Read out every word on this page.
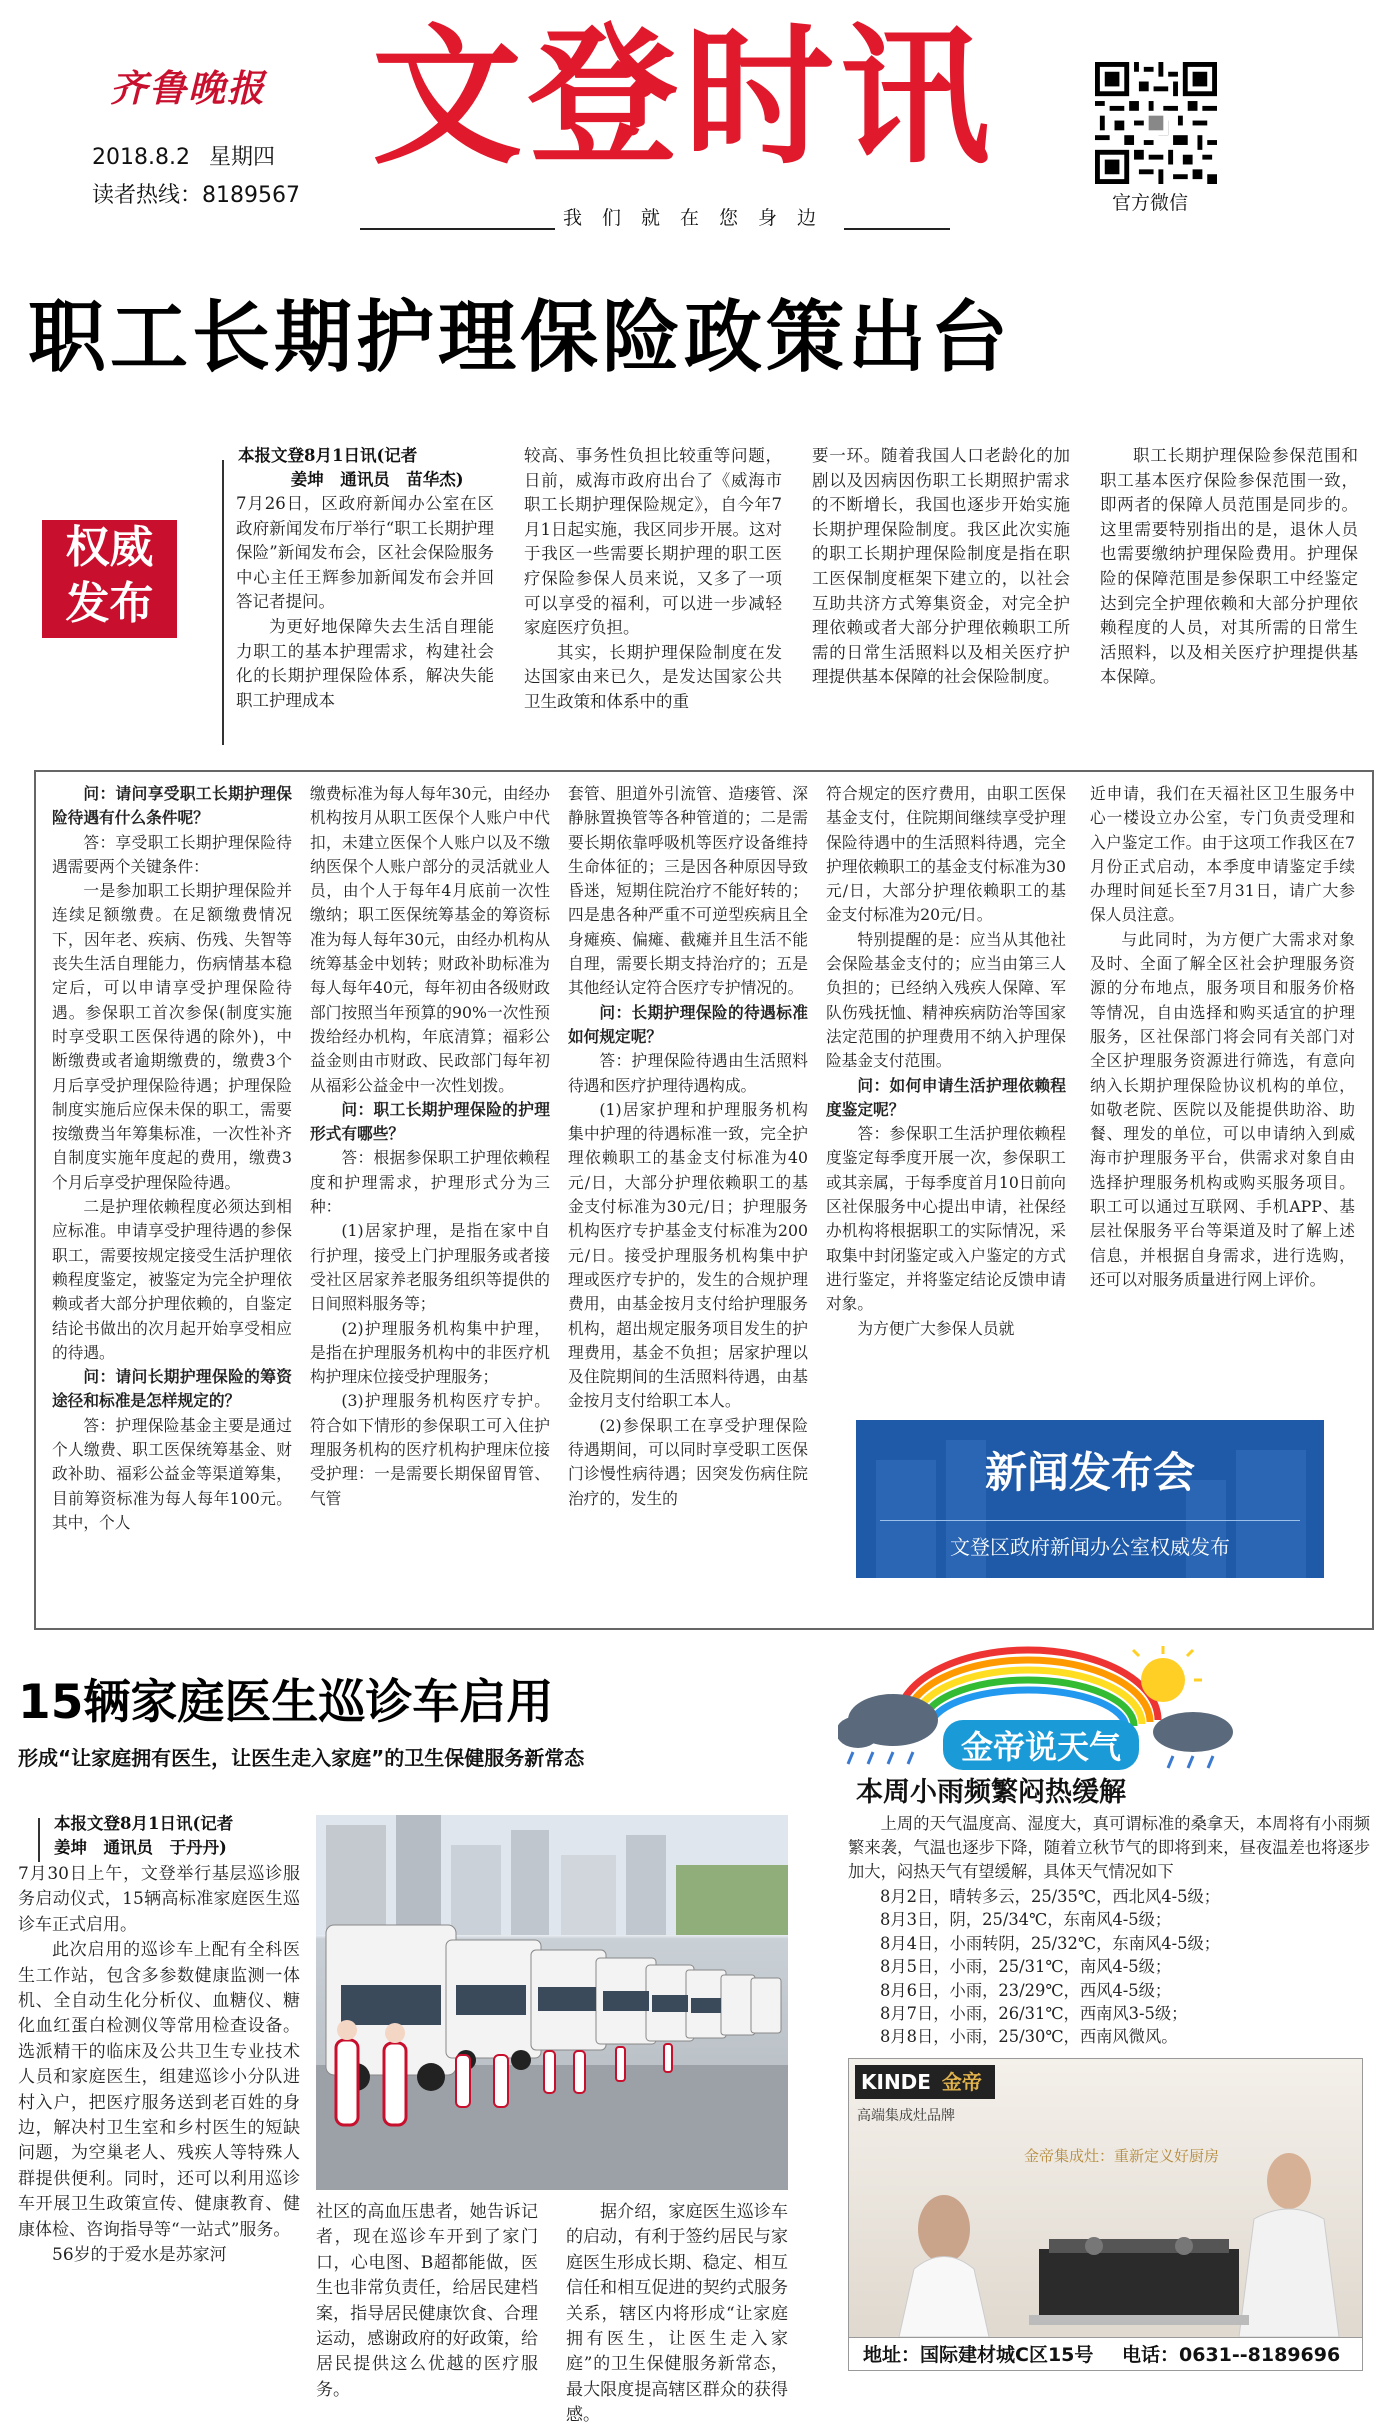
齐鲁晚报
2018.8.2 星期四
读者热线：8189567
文登时讯
我们就在您身边
官方微信
职工长期护理保险政策出台
权威
发布
本报文登8月1日讯(记者
姜坤　通讯员　苗华杰)

7月26日，区政府新闻办公室在区政府新闻发布厅举行“职工长期护理保险”新闻发布会，区社会保险服务中心主任王辉参加新闻发布会并回答记者提问。

为更好地保障失去生活自理能力职工的基本护理需求，构建社会化的长期护理保险体系，解决失能职工护理成本

较高、事务性负担比较重等问题，日前，威海市政府出台了《威海市职工长期护理保险规定》，自今年7月1日起实施，我区同步开展。这对于我区一些需要长期护理的职工医疗保险参保人员来说，又多了一项可以享受的福利，可以进一步减轻家庭医疗负担。

其实，长期护理保险制度在发达国家由来已久，是发达国家公共卫生政策和体系中的重

要一环。随着我国人口老龄化的加剧以及因病因伤职工长期照护需求的不断增长，我国也逐步开始实施长期护理保险制度。我区此次实施的职工长期护理保险制度是指在职工医保制度框架下建立的，以社会互助共济方式筹集资金，对完全护理依赖或者大部分护理依赖职工所需的日常生活照料以及相关医疗护理提供基本保障的社会保险制度。

职工长期护理保险参保范围和职工基本医疗保险参保范围一致，即两者的保障人员范围是同步的。这里需要特别指出的是，退休人员也需要缴纳护理保险费用。护理保险的保障范围是参保职工中经鉴定达到完全护理依赖和大部分护理依赖程度的人员，对其所需的日常生活照料，以及相关医疗护理提供基本保障。

问：请问享受职工长期护理保险待遇有什么条件呢？

答：享受职工长期护理保险待遇需要两个关键条件：

一是参加职工长期护理保险并连续足额缴费。在足额缴费情况下，因年老、疾病、伤残、失智等丧失生活自理能力，伤病情基本稳定后，可以申请享受护理保险待遇。参保职工首次参保(制度实施时享受职工医保待遇的除外)，中断缴费或者逾期缴费的，缴费3个月后享受护理保险待遇；护理保险制度实施后应保未保的职工，需要按缴费当年筹集标准，一次性补齐自制度实施年度起的费用，缴费3个月后享受护理保险待遇。

二是护理依赖程度必须达到相应标准。申请享受护理待遇的参保职工，需要按规定接受生活护理依赖程度鉴定，被鉴定为完全护理依赖或者大部分护理依赖的，自鉴定结论书做出的次月起开始享受相应的待遇。

问：请问长期护理保险的筹资途径和标准是怎样规定的？

答：护理保险基金主要是通过个人缴费、职工医保统筹基金、财政补助、福彩公益金等渠道筹集，目前筹资标准为每人每年100元。其中，个人

缴费标准为每人每年30元，由经办机构按月从职工医保个人账户中代扣，未建立医保个人账户以及不缴纳医保个人账户部分的灵活就业人员，由个人于每年4月底前一次性缴纳；职工医保统筹基金的筹资标准为每人每年30元，由经办机构从统筹基金中划转；财政补助标准为每人每年40元，每年初由各级财政部门按照当年预算的90%一次性预拨给经办机构，年底清算；福彩公益金则由市财政、民政部门每年初从福彩公益金中一次性划拨。

问：职工长期护理保险的护理形式有哪些？

答：根据参保职工护理依赖程度和护理需求，护理形式分为三种：

(1)居家护理，是指在家中自行护理，接受上门护理服务或者接受社区居家养老服务组织等提供的日间照料服务等；

(2)护理服务机构集中护理，是指在护理服务机构中的非医疗机构护理床位接受护理服务；

(3)护理服务机构医疗专护。符合如下情形的参保职工可入住护理服务机构的医疗机构护理床位接受护理：一是需要长期保留胃管、气管

套管、胆道外引流管、造瘘管、深静脉置换管等各种管道的；二是需要长期依靠呼吸机等医疗设备维持生命体征的；三是因各种原因导致昏迷，短期住院治疗不能好转的；四是患各种严重不可逆型疾病且全身瘫痪、偏瘫、截瘫并且生活不能自理，需要长期支持治疗的；五是其他经认定符合医疗专护情况的。

问：长期护理保险的待遇标准如何规定呢？

答：护理保险待遇由生活照料待遇和医疗护理待遇构成。

(1)居家护理和护理服务机构集中护理的待遇标准一致，完全护理依赖职工的基金支付标准为40元/日，大部分护理依赖职工的基金支付标准为30元/日；护理服务机构医疗专护基金支付标准为200元/日。接受护理服务机构集中护理或医疗专护的，发生的合规护理费用，由基金按月支付给护理服务机构，超出规定服务项目发生的护理费用，基金不负担；居家护理以及住院期间的生活照料待遇，由基金按月支付给职工本人。

(2)参保职工在享受护理保险待遇期间，可以同时享受职工医保门诊慢性病待遇；因突发伤病住院治疗的，发生的

符合规定的医疗费用，由职工医保基金支付，住院期间继续享受护理保险待遇中的生活照料待遇，完全护理依赖职工的基金支付标准为30元/日，大部分护理依赖职工的基金支付标准为20元/日。

特别提醒的是：应当从其他社会保险基金支付的；应当由第三人负担的；已经纳入残疾人保障、军队伤残抚恤、精神疾病防治等国家法定范围的护理费用不纳入护理保险基金支付范围。

问：如何申请生活护理依赖程度鉴定呢？

答：参保职工生活护理依赖程度鉴定每季度开展一次，参保职工或其亲属，于每季度首月10日前向区社保服务中心提出申请，社保经办机构将根据职工的实际情况，采取集中封闭鉴定或入户鉴定的方式进行鉴定，并将鉴定结论反馈申请对象。

为方便广大参保人员就

近申请，我们在天福社区卫生服务中心一楼设立办公室，专门负责受理和入户鉴定工作。由于这项工作我区在7月份正式启动，本季度申请鉴定手续办理时间延长至7月31日，请广大参保人员注意。

与此同时，为方便广大需求对象及时、全面了解全区社会护理服务资源的分布地点，服务项目和服务价格等情况，自由选择和购买适宜的护理服务，区社保部门将会同有关部门对全区护理服务资源进行筛选，有意向纳入长期护理保险协议机构的单位，如敬老院、医院以及能提供助浴、助餐、理发的单位，可以申请纳入到威海市护理服务平台，供需求对象自由选择护理服务机构或购买服务项目。职工可以通过互联网、手机APP、基层社保服务平台等渠道及时了解上述信息，并根据自身需求，进行选购，还可以对服务质量进行网上评价。

新闻发布会
文登区政府新闻办公室权威发布
15辆家庭医生巡诊车启用
形成“让家庭拥有医生，让医生走入家庭”的卫生保健服务新常态
本报文登8月1日讯(记者
姜坤　通讯员　于丹丹)

7月30日上午，文登举行基层巡诊服务启动仪式，15辆高标准家庭医生巡诊车正式启用。

此次启用的巡诊车上配有全科医生工作站，包含多参数健康监测一体机、全自动生化分析仪、血糖仪、糖化血红蛋白检测仪等常用检查设备。选派精干的临床及公共卫生专业技术人员和家庭医生，组建巡诊小分队进村入户，把医疗服务送到老百姓的身边，解决村卫生室和乡村医生的短缺问题，为空巢老人、残疾人等特殊人群提供便利。同时，还可以利用巡诊车开展卫生政策宣传、健康教育、健康体检、咨询指导等“一站式”服务。

56岁的于爱水是苏家河

社区的高血压患者，她告诉记者，现在巡诊车开到了家门口，心电图、B超都能做，医生也非常负责任，给居民建档案，指导居民健康饮食、合理运动，感谢政府的好政策，给居民提供这么优越的医疗服务。

据介绍，家庭医生巡诊车的启动，有利于签约居民与家庭医生形成长期、稳定、相互信任和相互促进的契约式服务关系，辖区内将形成“让家庭拥有医生，让医生走入家庭”的卫生保健服务新常态，最大限度提高辖区群众的获得感。

金帝说天气
本周小雨频繁闷热缓解
上周的天气温度高、湿度大，真可谓标准的桑拿天，本周将有小雨频繁来袭，气温也逐步下降，随着立秋节气的即将到来，昼夜温差也将逐步加大，闷热天气有望缓解，具体天气情况如下
8月2日，晴转多云，25/35℃，西北风4-5级；
8月3日，阴，25/34℃，东南风4-5级；
8月4日，小雨转阴，25/32℃，东南风4-5级；
8月5日，小雨，25/31℃，南风4-5级；
8月6日，小雨，23/29℃，西风4-5级；
8月7日，小雨，26/31℃，西南风3-5级；
8月8日，小雨，25/30℃，西南风微风。
KINDE 金帝
高端集成灶品牌
金帝集成灶：重新定义好厨房
地址：国际建材城C区15号 电话：0631--8189696
